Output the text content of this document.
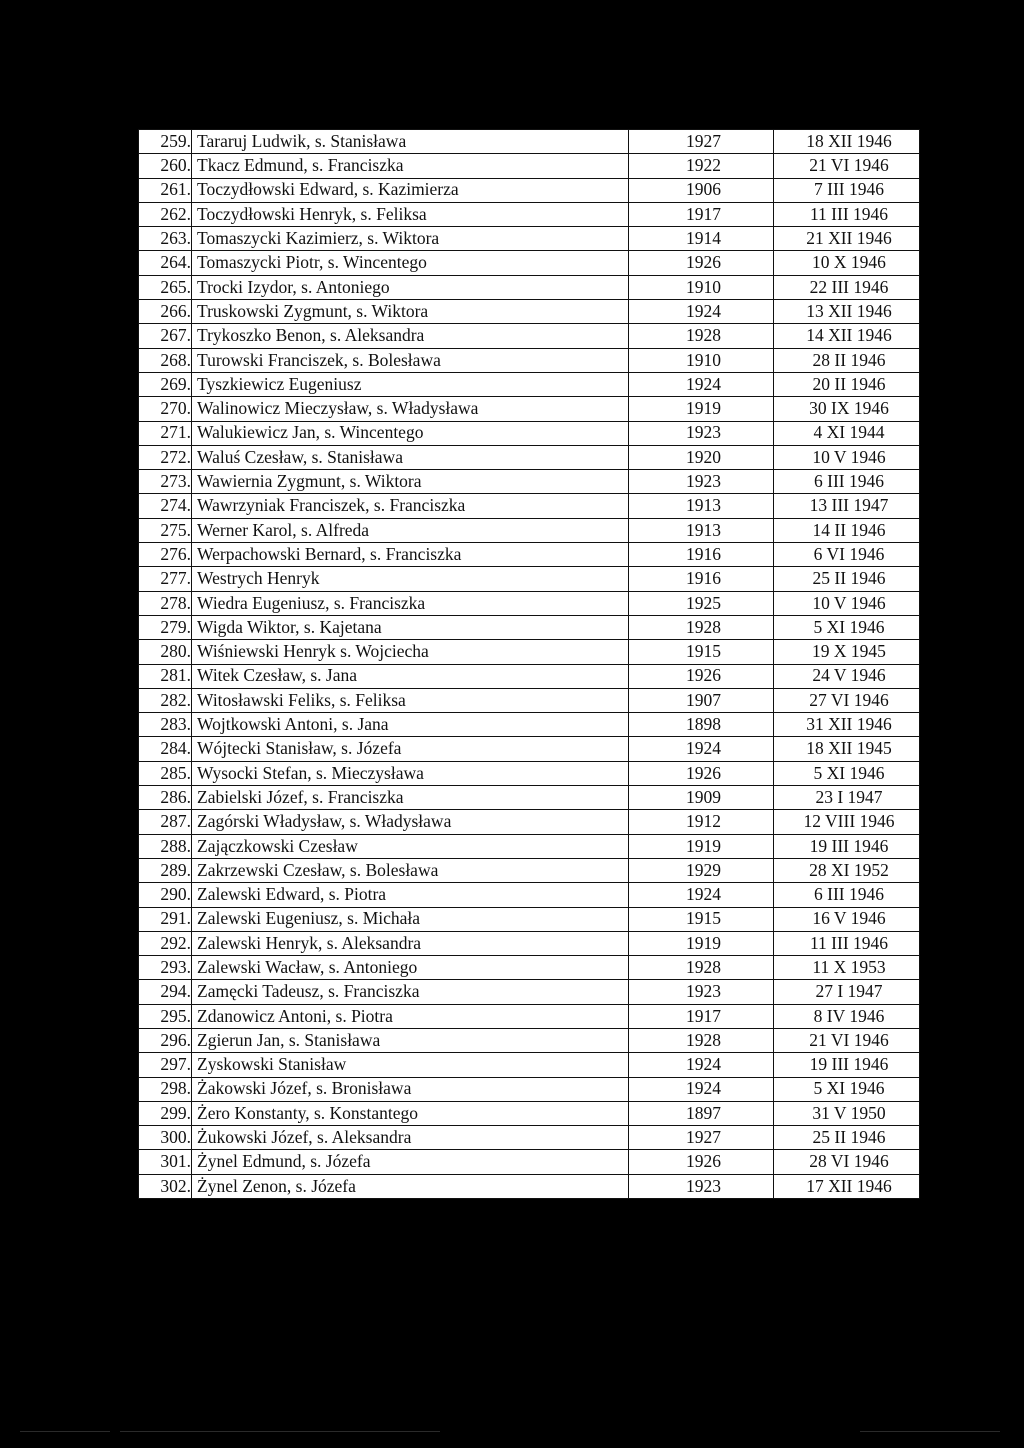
259.	Tararuj Ludwik, s. Stanisława	1927	18 XII 1946
260.	Tkacz Edmund, s. Franciszka	1922	21 VI 1946
261.	Toczydłowski Edward, s. Kazimierza	1906	7 III 1946
262.	Toczydłowski Henryk, s. Feliksa	1917	11 III 1946
263.	Tomaszycki Kazimierz, s. Wiktora	1914	21 XII 1946
264.	Tomaszycki Piotr, s. Wincentego	1926	10 X 1946
265.	Trocki Izydor, s. Antoniego	1910	22 III 1946
266.	Truskowski Zygmunt, s. Wiktora	1924	13 XII 1946
267.	Trykoszko Benon, s. Aleksandra	1928	14 XII 1946
268.	Turowski Franciszek, s. Bolesława	1910	28 II 1946
269.	Tyszkiewicz Eugeniusz	1924	20 II 1946
270.	Walinowicz Mieczysław, s. Władysława	1919	30 IX 1946
271.	Walukiewicz Jan, s. Wincentego	1923	4 XI 1944
272.	Waluś Czesław, s. Stanisława	1920	10 V 1946
273.	Wawiernia Zygmunt, s. Wiktora	1923	6 III 1946
274.	Wawrzyniak Franciszek, s. Franciszka	1913	13 III 1947
275.	Werner Karol, s. Alfreda	1913	14 II 1946
276.	Werpachowski Bernard, s. Franciszka	1916	6 VI 1946
277.	Westrych Henryk	1916	25 II 1946
278.	Wiedra Eugeniusz, s. Franciszka	1925	10 V 1946
279.	Wigda Wiktor, s. Kajetana	1928	5 XI 1946
280.	Wiśniewski Henryk s. Wojciecha	1915	19 X 1945
281.	Witek Czesław, s. Jana	1926	24 V 1946
282.	Witosławski Feliks, s. Feliksa	1907	27 VI 1946
283.	Wojtkowski Antoni, s. Jana	1898	31 XII 1946
284.	Wójtecki Stanisław, s. Józefa	1924	18 XII 1945
285.	Wysocki Stefan, s. Mieczysława	1926	5 XI 1946
286.	Zabielski Józef, s. Franciszka	1909	23 I 1947
287.	Zagórski Władysław, s. Władysława	1912	12 VIII 1946
288.	Zajączkowski Czesław	1919	19 III 1946
289.	Zakrzewski Czesław, s. Bolesława	1929	28 XI 1952
290.	Zalewski Edward, s. Piotra	1924	6 III 1946
291.	Zalewski Eugeniusz, s. Michała	1915	16 V 1946
292.	Zalewski Henryk, s. Aleksandra	1919	11 III 1946
293.	Zalewski Wacław, s. Antoniego	1928	11 X 1953
294.	Zamęcki Tadeusz, s. Franciszka	1923	27 I 1947
295.	Zdanowicz Antoni, s. Piotra	1917	8 IV 1946
296.	Zgierun Jan, s. Stanisława	1928	21 VI 1946
297.	Zyskowski Stanisław	1924	19 III 1946
298.	Żakowski Józef, s. Bronisława	1924	5 XI 1946
299.	Żero Konstanty, s. Konstantego	1897	31 V 1950
300.	Żukowski Józef, s. Aleksandra	1927	25 II 1946
301.	Żynel Edmund, s. Józefa	1926	28 VI 1946
302.	Żynel Zenon, s. Józefa	1923	17 XII 1946
